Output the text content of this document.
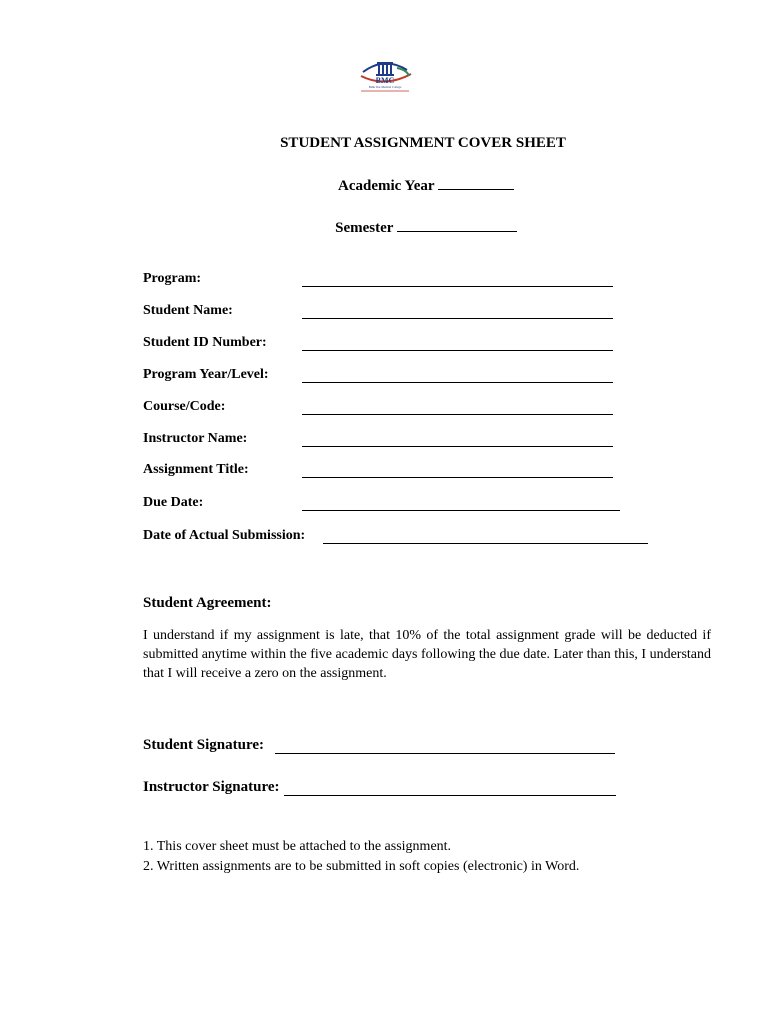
BMC
Bahir Dar Medical College
STUDENT ASSIGNMENT COVER SHEET
Academic Year
Semester
Program:
Student Name:
Student ID Number:
Program Year/Level:
Course/Code:
Instructor Name:
Assignment Title:
Due Date:
Date of Actual Submission:
Student Agreement:
I understand if my assignment is late, that 10% of the total assignment grade will be deducted if submitted anytime within the five academic days following the due date. Later than this, I understand that I will receive a zero on the assignment.
Student Signature:
Instructor Signature:
1. This cover sheet must be attached to the assignment.
2. Written assignments are to be submitted in soft copies (electronic) in Word.
